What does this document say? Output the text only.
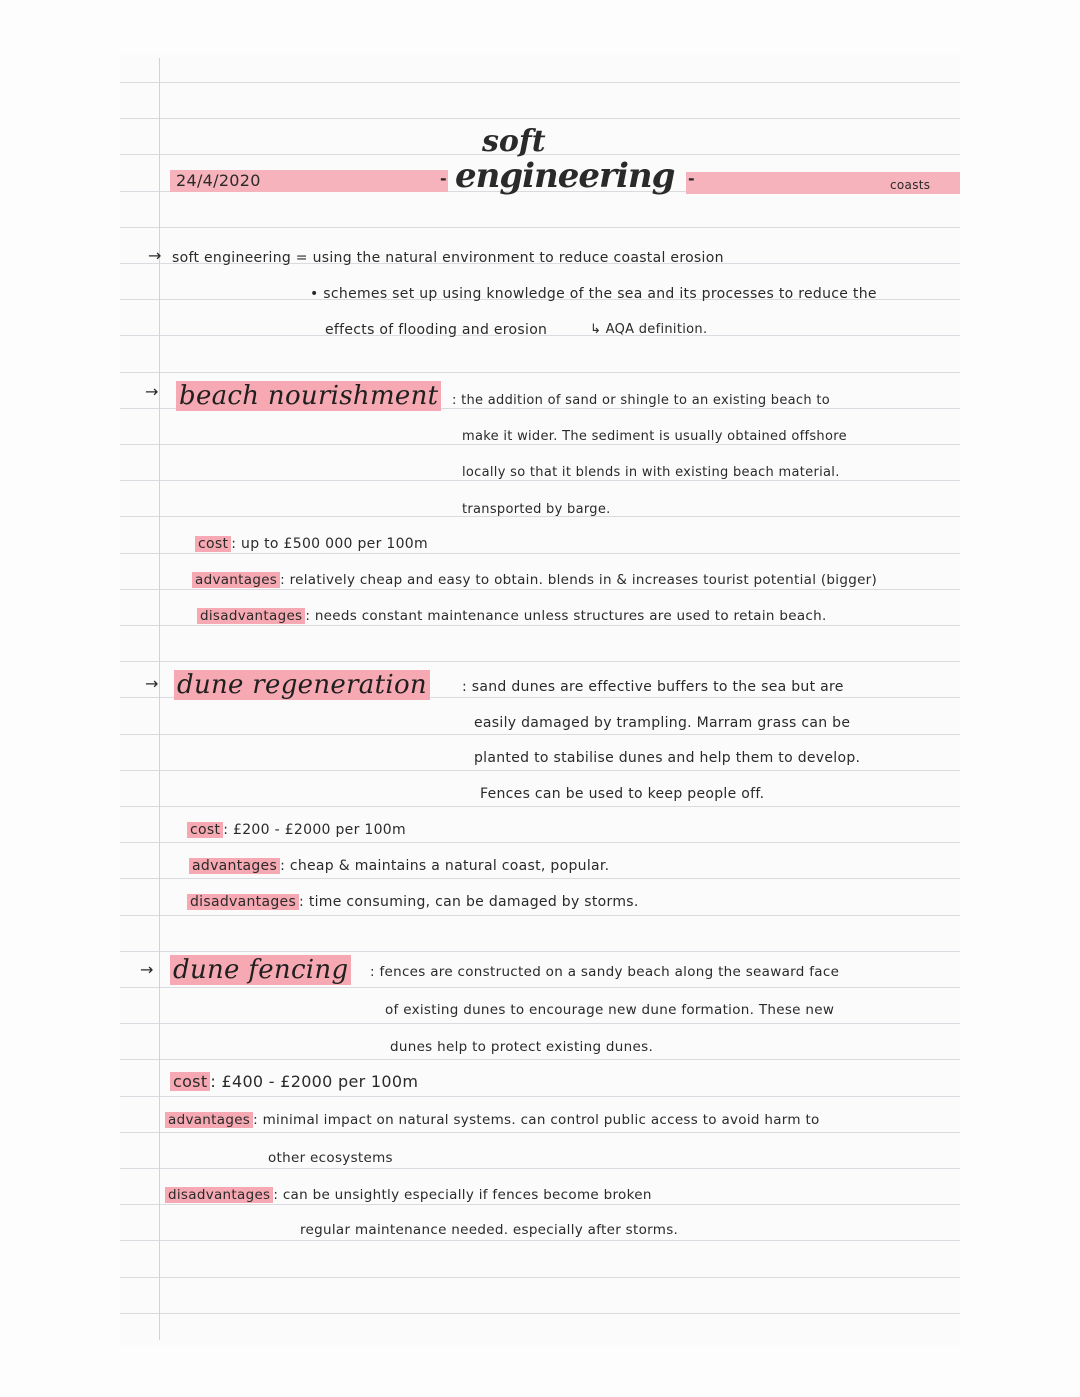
24/4/2020	-
soft
engineering -	coasts
→ soft engineering = using the natural environment to reduce coastal erosion
• schemes set up using knowledge of the sea and its processes to reduce the
effects of flooding and erosion	↳ AQA definition.
→ beach nourishment : the addition of sand or shingle to an existing beach to
make it wider. The sediment is usually obtained offshore
locally so that it blends in with existing beach material.
transported by barge.
cost : up to £500 000 per 100m
advantages : relatively cheap and easy to obtain. blends in & increases tourist potential (bigger)
disadvantages : needs constant maintenance unless structures are used to retain beach.
→ dune regeneration	: sand dunes are effective buffers to the sea but are
easily damaged by trampling. Marram grass can be
planted to stabilise dunes and help them to develop.
Fences can be used to keep people off.
cost : £200 - £2000 per 100m
advantages : cheap & maintains a natural coast, popular.
disadvantages : time consuming, can be damaged by storms.
→ dune fencing : fences are constructed on a sandy beach along the seaward face
of existing dunes to encourage new dune formation. These new
dunes help to protect existing dunes.
cost : £400 - £2000 per 100m
advantages : minimal impact on natural systems. can control public access to avoid harm to
other ecosystems
disadvantages : can be unsightly especially if fences become broken
regular maintenance needed. especially after storms.
